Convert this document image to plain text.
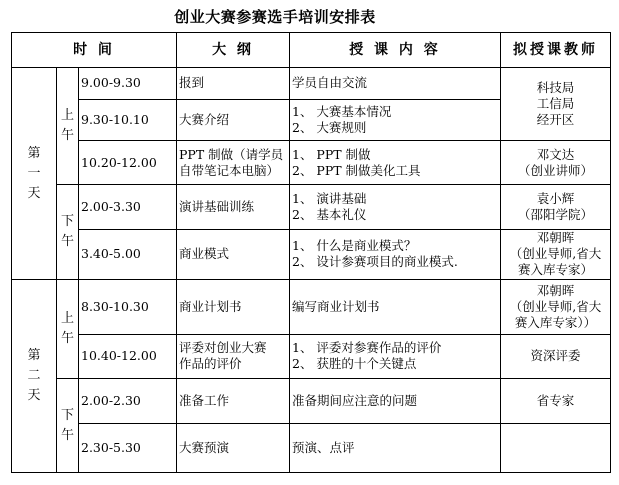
创业大赛参赛选手培训安排表
时 间			大 纲	授 课 内 容	拟授课教师
第一天	上午	9.00-9.30	报到	学员自由交流	科技局
工信局
经开区

		9.30-10.10	大赛介绍	1、 大赛基本情况
2、 大赛规则	

		10.20-12.00	PPT 制做（请学员
自带笔记本电脑）	1、 PPT 制做
2、 PPT 制做美化工具	邓文达
（创业讲师）

	下午	2.00-3.30	演讲基础训练	1、 演讲基础
2、 基本礼仪	袁小辉
（邵阳学院）

		3.40-5.00	商业模式	1、 什么是商业模式？
2、 设计参赛项目的商业模式.	邓朝晖
（创业导师,省大
赛入库专家）

第二天	上午	8.30-10.30	商业计划书	编写商业计划书	邓朝晖
（创业导师,省大
赛入库专家））

		10.40-12.00	评委对创业大赛
作品的评价	1、 评委对参赛作品的评价
2、 获胜的十个关键点	资深评委

	下午	2.00-2.30	准备工作	准备期间应注意的问题	省专家

		2.30-5.30	大赛预演	预演、点评	
